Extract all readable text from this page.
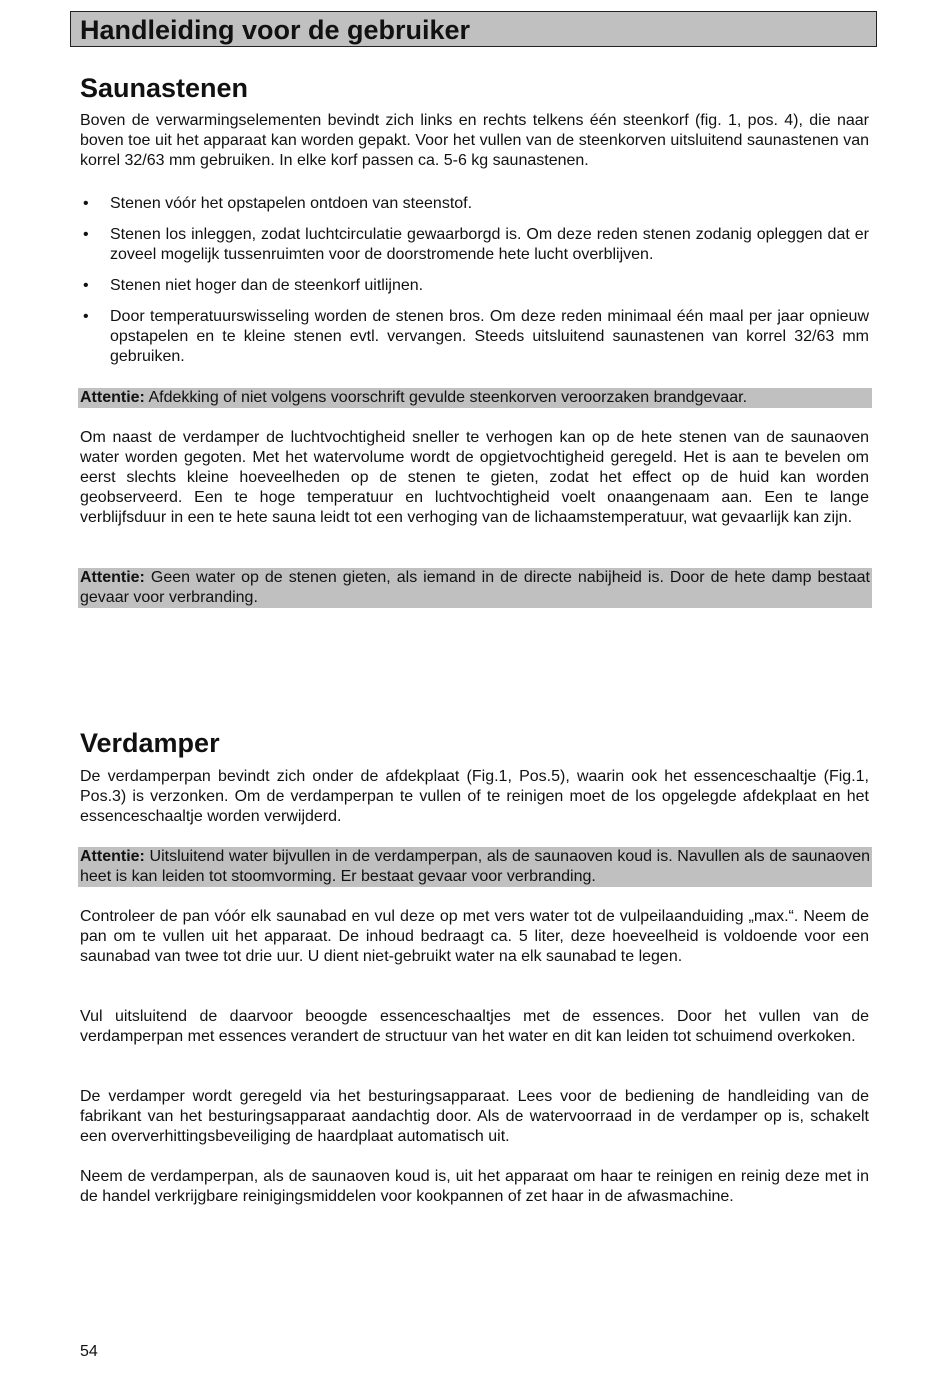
Handleiding voor de gebruiker
Saunastenen

Boven de verwarmingselementen bevindt zich links en rechts telkens één steenkorf (fig. 1, pos. 4), die naar boven toe uit het apparaat kan worden gepakt. Voor het vullen van de steenkorven uitsluitend saunastenen van korrel 32/63 mm gebruiken. In elke korf passen ca. 5-6 kg saunastenen.

• Stenen vóór het opstapelen ontdoen van steenstof.
• Stenen los inleggen, zodat luchtcirculatie gewaarborgd is. Om deze reden stenen zodanig opleggen dat er zoveel mogelijk tussenruimten voor de doorstromende hete lucht overblijven.
• Stenen niet hoger dan de steenkorf uitlijnen.
• Door temperatuurswisseling worden de stenen bros. Om deze reden minimaal één maal per jaar opnieuw opstapelen en te kleine stenen evtl. vervangen. Steeds uitsluitend saunastenen van korrel 32/63 mm gebruiken.
Attentie: Afdekking of niet volgens voorschrift gevulde steenkorven veroorzaken brandgevaar.

Om naast de verdamper de luchtvochtigheid sneller te verhogen kan op de hete stenen van de saunaoven water worden gegoten. Met het watervolume wordt de opgietvochtigheid geregeld. Het is aan te bevelen om eerst slechts kleine hoeveelheden op de stenen te gieten, zodat het effect op de huid kan worden geobserveerd. Een te hoge temperatuur en luchtvochtigheid voelt onaangenaam aan. Een te lange verblijfsduur in een te hete sauna leidt tot een verhoging van de lichaamstemperatuur, wat gevaarlijk kan zijn.

Attentie: Geen water op de stenen gieten, als iemand in de directe nabijheid is. Door de hete damp bestaat gevaar voor verbranding.
Verdamper

De verdamperpan bevindt zich onder de afdekplaat (Fig.1, Pos.5), waarin ook het essenceschaaltje (Fig.1, Pos.3) is verzonken. Om de verdamperpan te vullen of te reinigen moet de los opgelegde afdekplaat en het essenceschaaltje worden verwijderd.

Attentie: Uitsluitend water bijvullen in de verdamperpan, als de saunaoven koud is. Navullen als de saunaoven heet is kan leiden tot stoomvorming. Er bestaat gevaar voor verbranding.

Controleer de pan vóór elk saunabad en vul deze op met vers water tot de vulpeilaanduiding „max.“. Neem de pan om te vullen uit het apparaat. De inhoud bedraagt ca. 5 liter, deze hoeveelheid is voldoende voor een saunabad van twee tot drie uur. U dient niet-gebruikt water na elk saunabad te legen.

Vul uitsluitend de daarvoor beoogde essenceschaaltjes met de essences. Door het vullen van de verdamperpan met essences verandert de structuur van het water en dit kan leiden tot schuimend overkoken.

De verdamper wordt geregeld via het besturingsapparaat. Lees voor de bediening de handleiding van de fabrikant van het besturingsapparaat aandachtig door. Als de watervoorraad in de verdamper op is, schakelt een oververhittingsbeveiliging de haardplaat automatisch uit.

Neem de verdamperpan, als de saunaoven koud is, uit het apparaat om haar te reinigen en reinig deze met in de handel verkrijgbare reinigingsmiddelen voor kookpannen of zet haar in de afwasmachine.

54
